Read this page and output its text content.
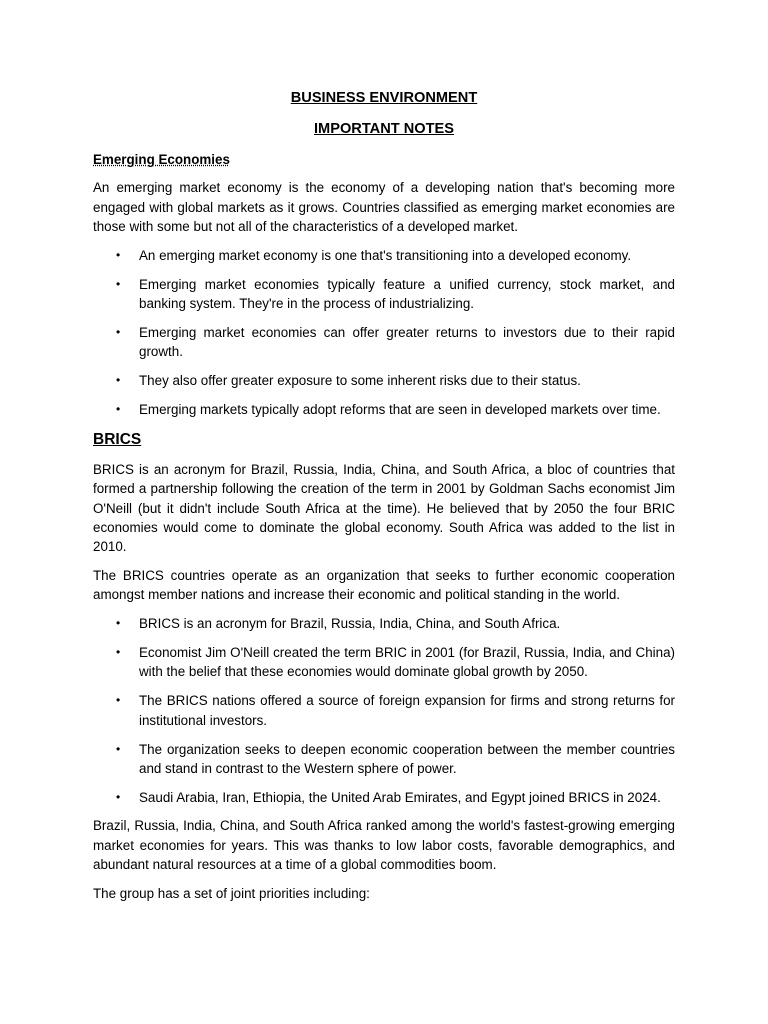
BUSINESS ENVIRONMENT
IMPORTANT NOTES
Emerging Economies

An emerging market economy is the economy of a developing nation that's becoming more engaged with global markets as it grows. Countries classified as emerging market economies are those with some but not all of the characteristics of a developed market.

• An emerging market economy is one that's transitioning into a developed economy.
• Emerging market economies typically feature a unified currency, stock market, and banking system. They're in the process of industrializing.
• Emerging market economies can offer greater returns to investors due to their rapid growth.
• They also offer greater exposure to some inherent risks due to their status.
• Emerging markets typically adopt reforms that are seen in developed markets over time.
BRICS

BRICS is an acronym for Brazil, Russia, India, China, and South Africa, a bloc of countries that formed a partnership following the creation of the term in 2001 by Goldman Sachs economist Jim O'Neill (but it didn't include South Africa at the time). He believed that by 2050 the four BRIC economies would come to dominate the global economy. South Africa was added to the list in 2010.

The BRICS countries operate as an organization that seeks to further economic cooperation amongst member nations and increase their economic and political standing in the world.

• BRICS is an acronym for Brazil, Russia, India, China, and South Africa.
• Economist Jim O'Neill created the term BRIC in 2001 (for Brazil, Russia, India, and China) with the belief that these economies would dominate global growth by 2050.
• The BRICS nations offered a source of foreign expansion for firms and strong returns for institutional investors.
• The organization seeks to deepen economic cooperation between the member countries and stand in contrast to the Western sphere of power.
• Saudi Arabia, Iran, Ethiopia, the United Arab Emirates, and Egypt joined BRICS in 2024.

Brazil, Russia, India, China, and South Africa ranked among the world's fastest-growing emerging market economies for years. This was thanks to low labor costs, favorable demographics, and abundant natural resources at a time of a global commodities boom.

The group has a set of joint priorities including:
